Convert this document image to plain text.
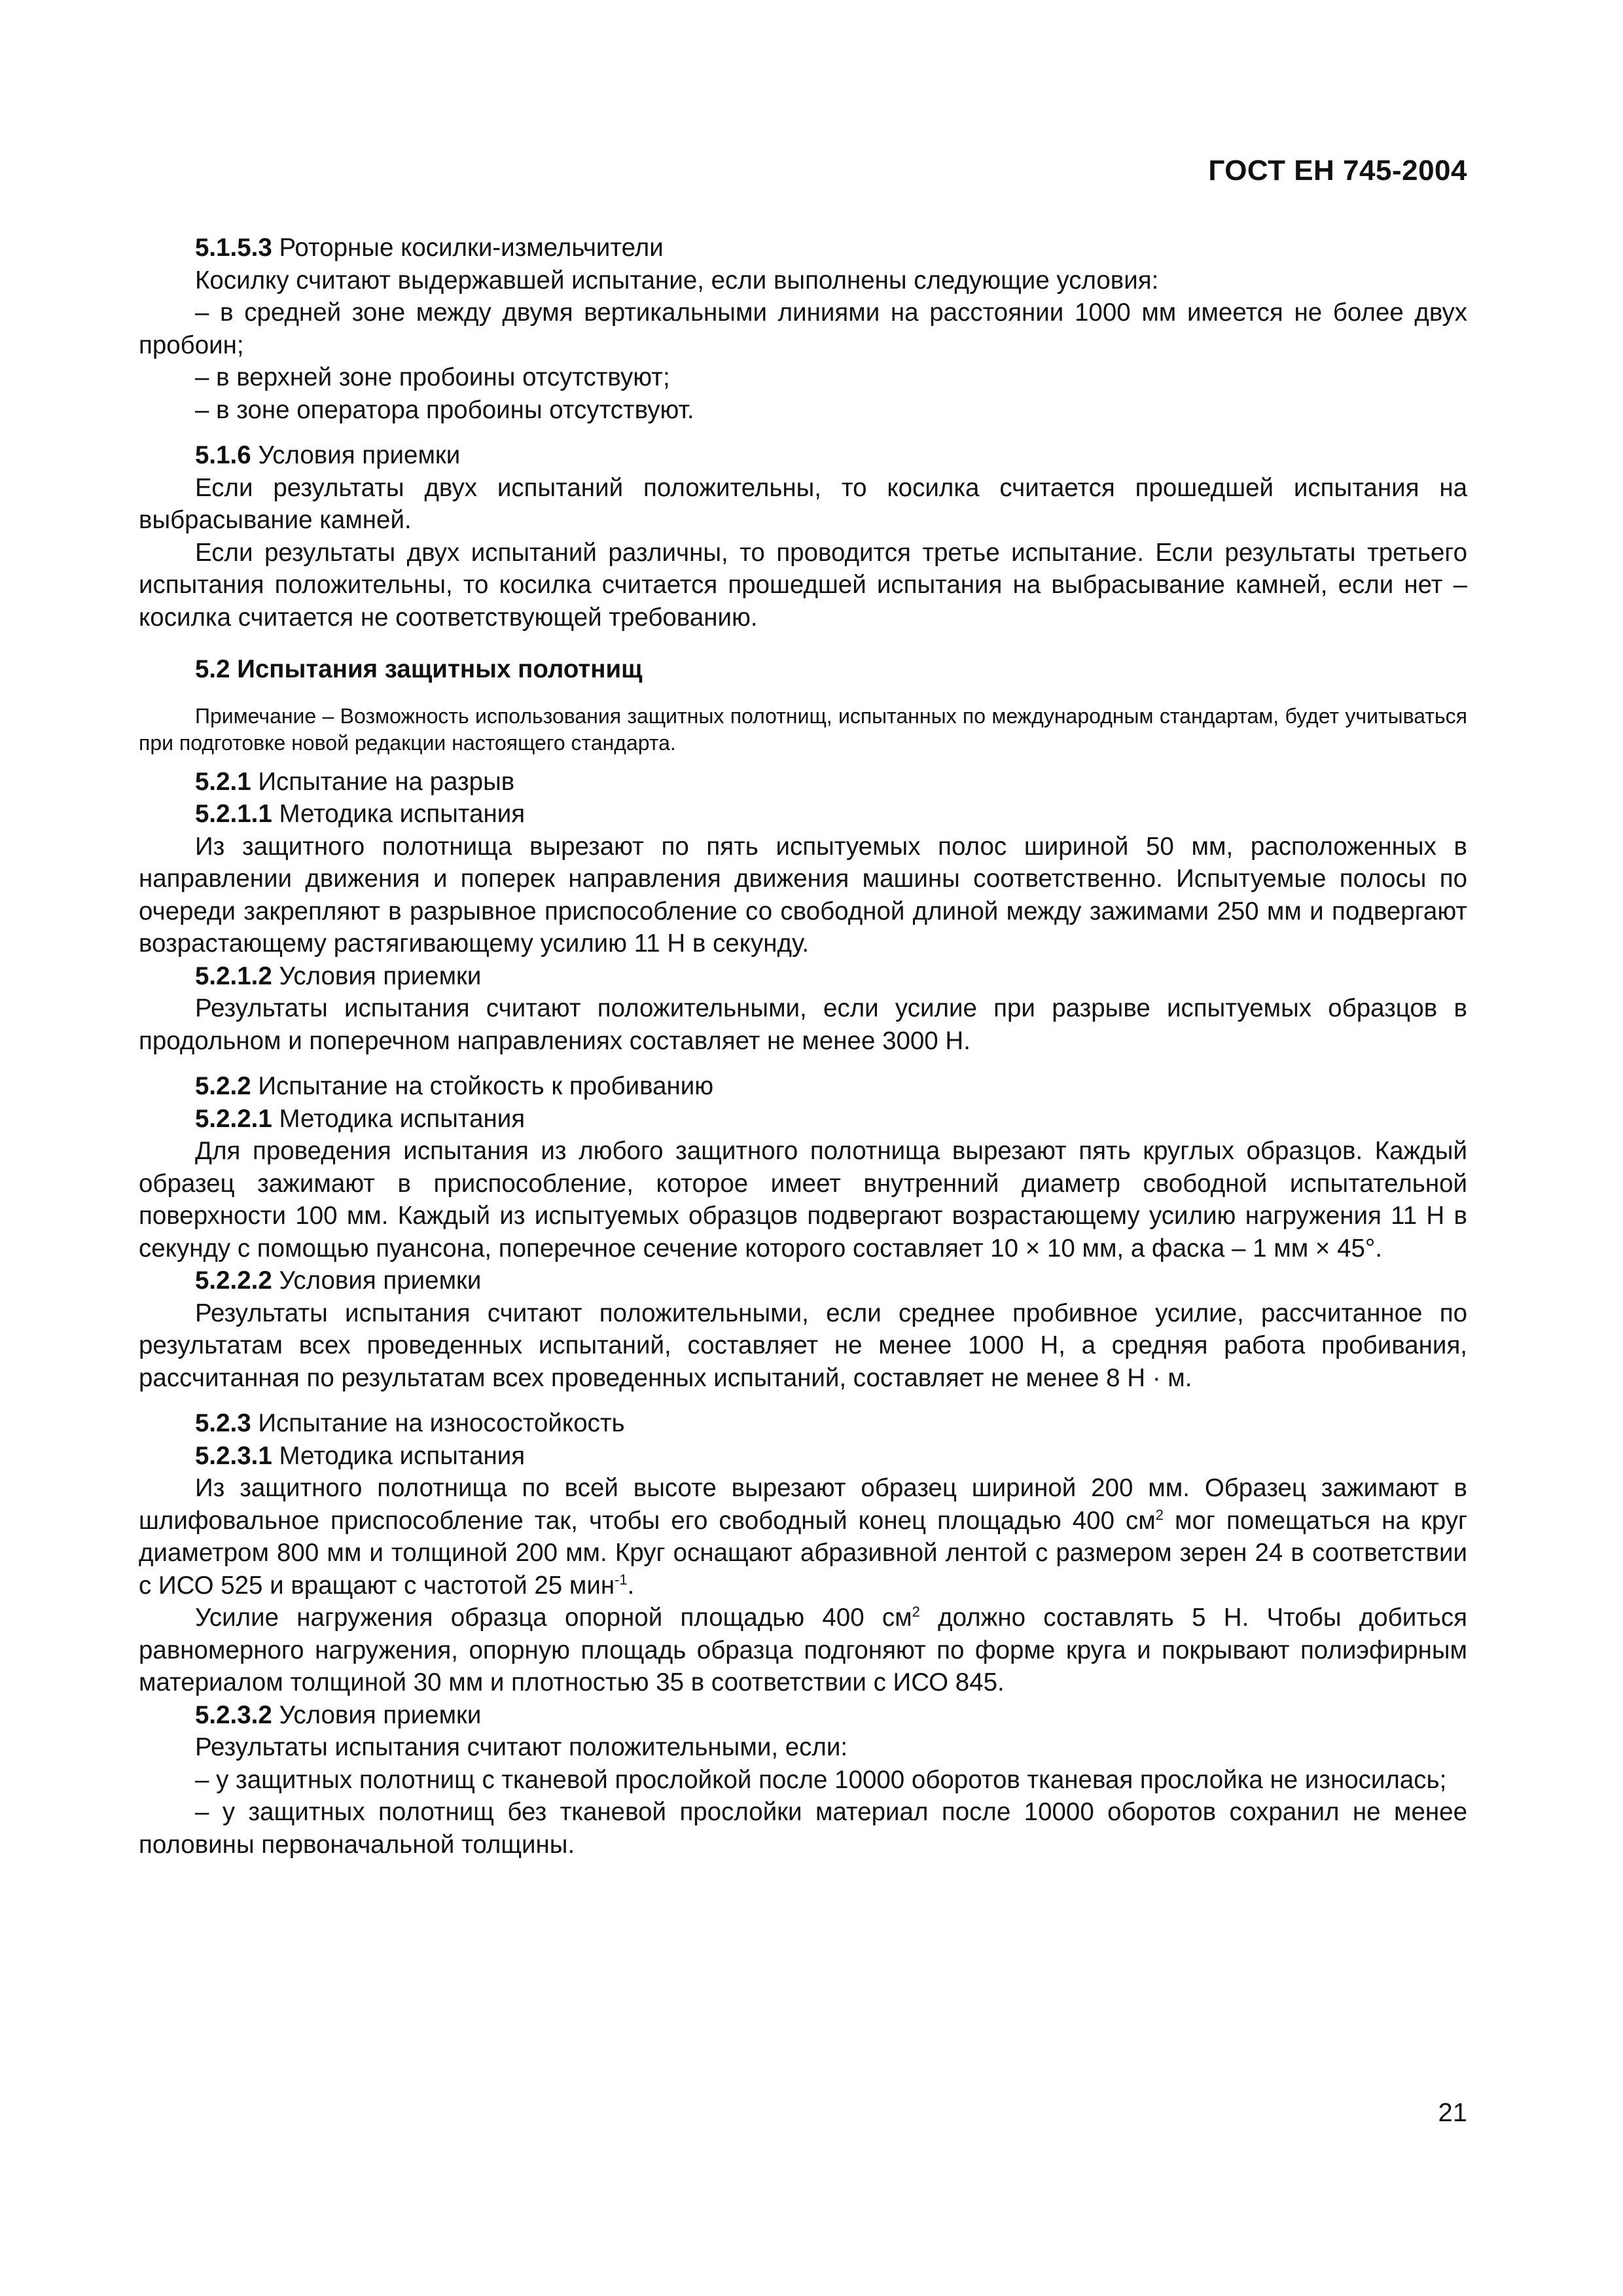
ГОСТ ЕН 745-2004

5.1.5.3 Роторные косилки-измельчители

Косилку считают выдержавшей испытание, если выполнены следующие условия:

– в средней зоне между двумя вертикальными линиями на расстоянии 1000 мм имеется не более двух пробоин;

– в верхней зоне пробоины отсутствуют;

– в зоне оператора пробоины отсутствуют.

5.1.6 Условия приемки

Если результаты двух испытаний положительны, то косилка считается прошедшей испытания на выбрасывание камней.

Если результаты двух испытаний различны, то проводится третье испытание. Если результаты третьего испытания положительны, то косилка считается прошедшей испытания на выбрасывание камней, если нет – косилка считается не соответствующей требованию.

5.2 Испытания защитных полотнищ

Примечание – Возможность использования защитных полотнищ, испытанных по международным стандартам, будет учитываться при подготовке новой редакции настоящего стандарта.

5.2.1 Испытание на разрыв

5.2.1.1 Методика испытания

Из защитного полотнища вырезают по пять испытуемых полос шириной 50 мм, расположенных в направлении движения и поперек направления движения машины соответственно. Испытуемые полосы по очереди закрепляют в разрывное приспособление со свободной длиной между зажимами 250 мм и подвергают возрастающему растягивающему усилию 11 Н в секунду.

5.2.1.2 Условия приемки

Результаты испытания считают положительными, если усилие при разрыве испытуемых образцов в продольном и поперечном направлениях составляет не менее 3000 Н.

5.2.2 Испытание на стойкость к пробиванию

5.2.2.1 Методика испытания

Для проведения испытания из любого защитного полотнища вырезают пять круглых образцов. Каждый образец зажимают в приспособление, которое имеет внутренний диаметр свободной испытательной поверхности 100 мм. Каждый из испытуемых образцов подвергают возрастающему усилию нагружения 11 Н в секунду с помощью пуансона, поперечное сечение которого составляет 10 × 10 мм, а фаска – 1 мм × 45°.

5.2.2.2 Условия приемки

Результаты испытания считают положительными, если среднее пробивное усилие, рассчитанное по результатам всех проведенных испытаний, составляет не менее 1000 Н, а средняя работа пробивания, рассчитанная по результатам всех проведенных испытаний, составляет не менее 8 Н · м.

5.2.3 Испытание на износостойкость

5.2.3.1 Методика испытания

Из защитного полотнища по всей высоте вырезают образец шириной 200 мм. Образец зажимают в шлифовальное приспособление так, чтобы его свободный конец площадью 400 $см^2$ мог помещаться на круг диаметром 800 мм и толщиной 200 мм. Круг оснащают абразивной лентой с размером зерен 24 в соответствии с ИСО 525 и вращают с частотой 25 мин$^{-1}$.

Усилие нагружения образца опорной площадью 400 $см^2$ должно составлять 5 Н. Чтобы добиться равномерного нагружения, опорную площадь образца подгоняют по форме круга и покрывают полиэфирным материалом толщиной 30 мм и плотностью 35 в соответствии с ИСО 845.

5.2.3.2 Условия приемки

Результаты испытания считают положительными, если:

– у защитных полотнищ с тканевой прослойкой после 10000 оборотов тканевая прослойка не износилась;

– у защитных полотнищ без тканевой прослойки материал после 10000 оборотов сохранил не менее половины первоначальной толщины.

21
